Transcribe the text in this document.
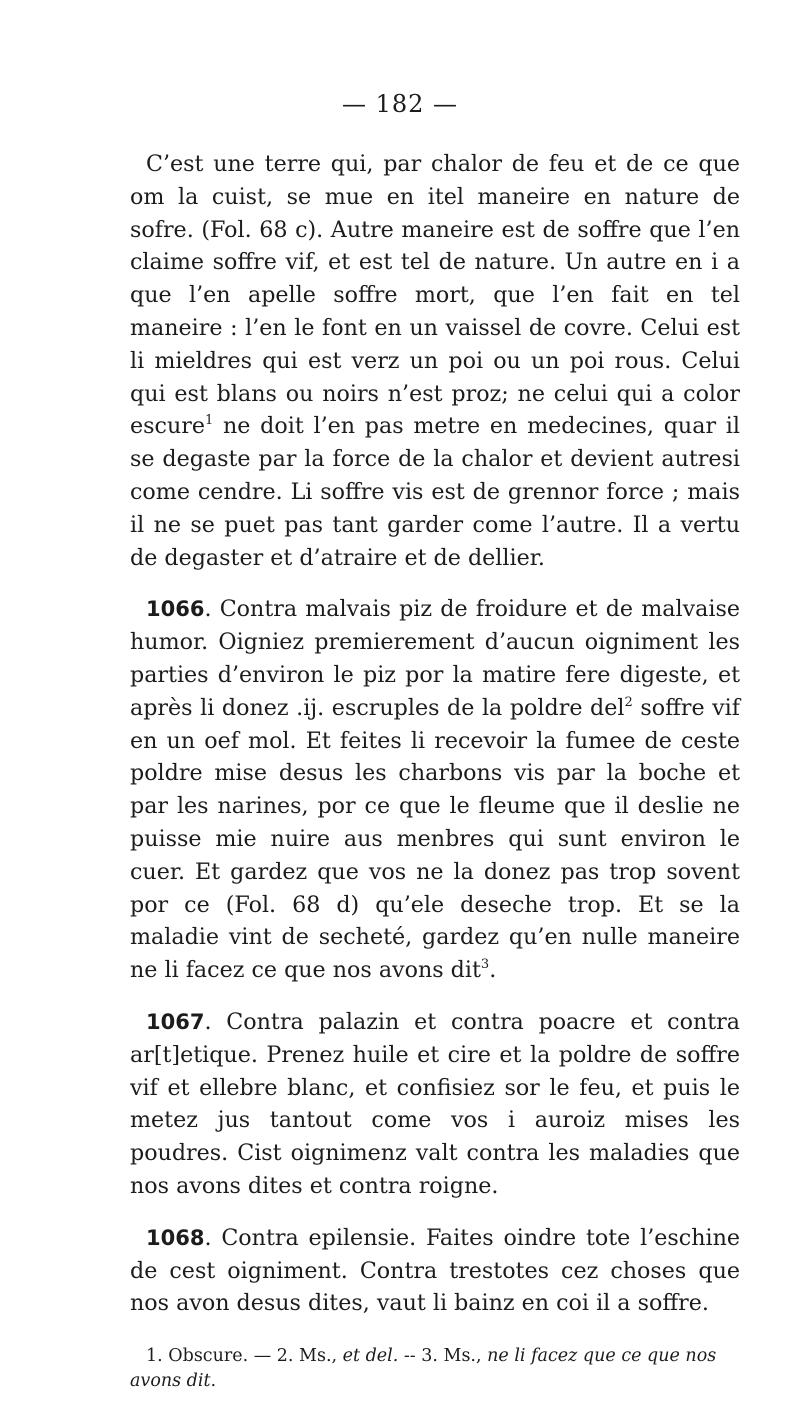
— 182 —

C’est une terre qui, par chalor de feu et de ce que om la cuist, se mue en itel maneire en nature de sofre. (Fol. 68 c). Autre maneire est de soffre que l’en claime soffre vif, et est tel de nature. Un autre en i a que l’en apelle soffre mort, que l’en fait en tel maneire : l’en le font en un vaissel de covre. Celui est li mieldres qui est verz un poi ou un poi rous. Celui qui est blans ou noirs n’est proz; ne celui qui a color escure$^1$ ne doit l’en pas metre en medecines, quar il se degaste par la force de la chalor et devient autresi come cendre. Li soffre vis est de grennor force ; mais il ne se puet pas tant garder come l’autre. Il a vertu de degaster et d’atraire et de dellier.

1066. Contra malvais piz de froidure et de malvaise humor. Oigniez premierement d’aucun oigniment les parties d’environ le piz por la matire fere digeste, et après li donez .ij. escruples de la poldre del$^2$ soffre vif en un oef mol. Et feites li recevoir la fumee de ceste poldre mise desus les charbons vis par la boche et par les narines, por ce que le fleume que il deslie ne puisse mie nuire aus menbres qui sunt environ le cuer. Et gardez que vos ne la donez pas trop sovent por ce (Fol. 68 d) qu’ele deseche trop. Et se la maladie vint de secheté, gardez qu’en nulle maneire ne li facez ce que nos avons dit$^3$.

1067. Contra palazin et contra poacre et contra ar[t]etique. Prenez huile et cire et la poldre de soffre vif et ellebre blanc, et confisiez sor le feu, et puis le metez jus tantout come vos i auroiz mises les poudres. Cist oignimenz valt contra les maladies que nos avons dites et contra roigne.

1068. Contra epilensie. Faites oindre tote l’eschine de cest oigniment. Contra trestotes cez choses que nos avon desus dites, vaut li bainz en coi il a soffre.

1. Obscure. — 2. Ms., et del. -- 3. Ms., ne li facez que ce que nos avons dit.
